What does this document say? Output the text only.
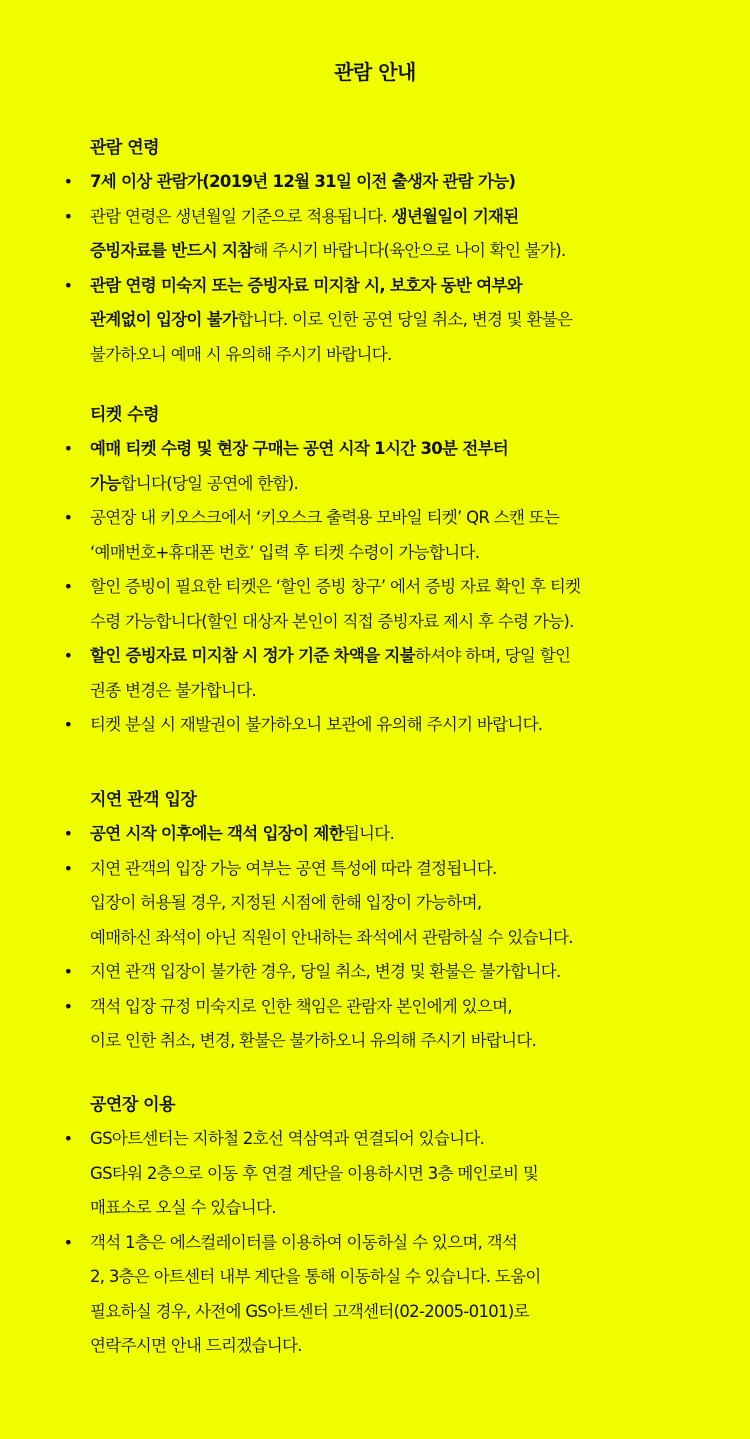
관람 안내
관람 연령
• 7세 이상 관람가(2019년 12월 31일 이전 출생자 관람 가능)
• 관람 연령은 생년월일 기준으로 적용됩니다. 생년월일이 기재된
증빙자료를 반드시 지참해 주시기 바랍니다(육안으로 나이 확인 불가).
• 관람 연령 미숙지 또는 증빙자료 미지참 시, 보호자 동반 여부와
관계없이 입장이 불가합니다. 이로 인한 공연 당일 취소, 변경 및 환불은
불가하오니 예매 시 유의해 주시기 바랍니다.
티켓 수령
• 예매 티켓 수령 및 현장 구매는 공연 시작 1시간 30분 전부터
가능합니다(당일 공연에 한함).
• 공연장 내 키오스크에서 ‘키오스크 출력용 모바일 티켓’ QR 스캔 또는
‘예매번호+휴대폰 번호’ 입력 후 티켓 수령이 가능합니다.
• 할인 증빙이 필요한 티켓은 ‘할인 증빙 창구’ 에서 증빙 자료 확인 후 티켓
수령 가능합니다(할인 대상자 본인이 직접 증빙자료 제시 후 수령 가능).
• 할인 증빙자료 미지참 시 정가 기준 차액을 지불하셔야 하며, 당일 할인
권종 변경은 불가합니다.
• 티켓 분실 시 재발권이 불가하오니 보관에 유의해 주시기 바랍니다.
지연 관객 입장
• 공연 시작 이후에는 객석 입장이 제한됩니다.
• 지연 관객의 입장 가능 여부는 공연 특성에 따라 결정됩니다.
입장이 허용될 경우, 지정된 시점에 한해 입장이 가능하며,
예매하신 좌석이 아닌 직원이 안내하는 좌석에서 관람하실 수 있습니다.
• 지연 관객 입장이 불가한 경우, 당일 취소, 변경 및 환불은 불가합니다.
• 객석 입장 규정 미숙지로 인한 책임은 관람자 본인에게 있으며,
이로 인한 취소, 변경, 환불은 불가하오니 유의해 주시기 바랍니다.
공연장 이용
• GS아트센터는 지하철 2호선 역삼역과 연결되어 있습니다.
GS타워 2층으로 이동 후 연결 계단을 이용하시면 3층 메인로비 및
매표소로 오실 수 있습니다.
• 객석 1층은 에스컬레이터를 이용하여 이동하실 수 있으며, 객석
2, 3층은 아트센터 내부 계단을 통해 이동하실 수 있습니다. 도움이
필요하실 경우, 사전에 GS아트센터 고객센터(02-2005-0101)로
연락주시면 안내 드리겠습니다.
